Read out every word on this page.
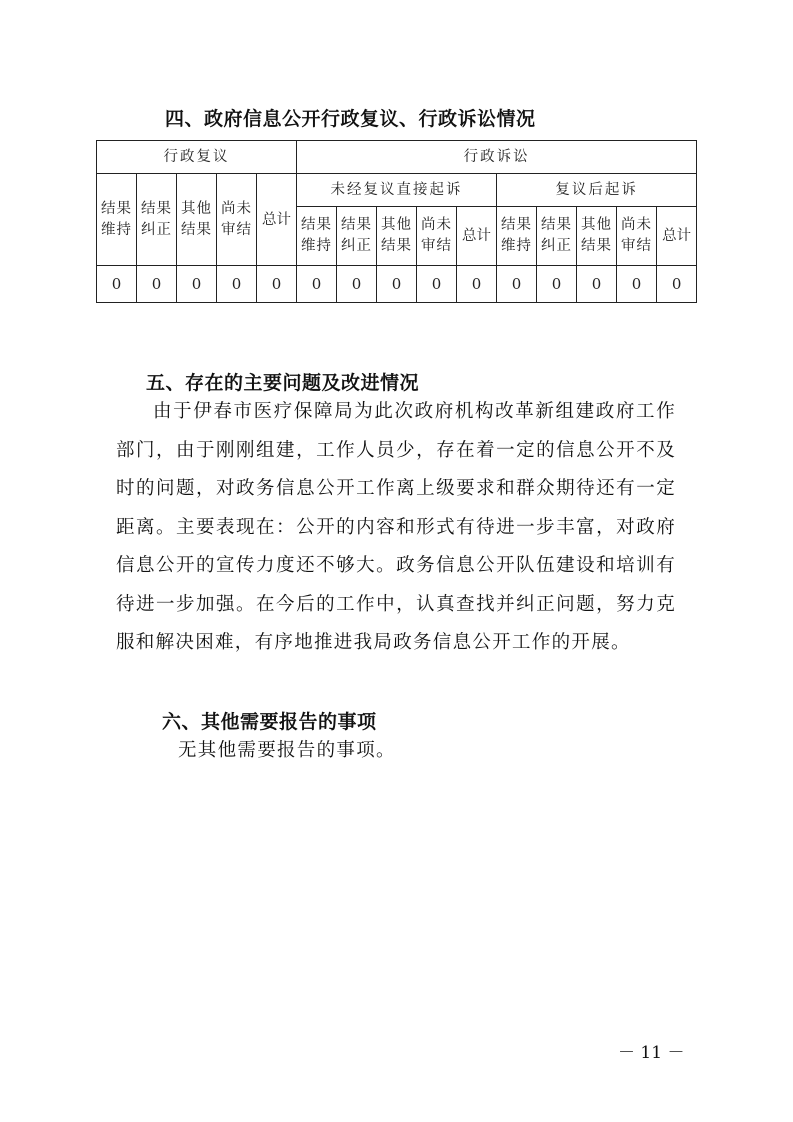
四、政府信息公开行政复议、行政诉讼情况
行政复议					行政诉讼									
结果维持	结果纠正	其他结果	尚未审结	总计	未经复议直接起诉					复议后起诉				
					结果维持	结果纠正	其他结果	尚未审结	总计	结果维持	结果纠正	其他结果	尚未审结	总计
0	0	0	0	0	0	0	0	0	0	0	0	0	0	0
五、存在的主要问题及改进情况
由于伊春市医疗保障局为此次政府机构改革新组建政府工作部门，由于刚刚组建，工作人员少，存在着一定的信息公开不及时的问题，对政务信息公开工作离上级要求和群众期待还有一定距离。主要表现在：公开的内容和形式有待进一步丰富，对政府信息公开的宣传力度还不够大。政务信息公开队伍建设和培训有待进一步加强。在今后的工作中，认真查找并纠正问题，努力克服和解决困难，有序地推进我局政务信息公开工作的开展。
六、其他需要报告的事项
无其他需要报告的事项。
－ 11 －
